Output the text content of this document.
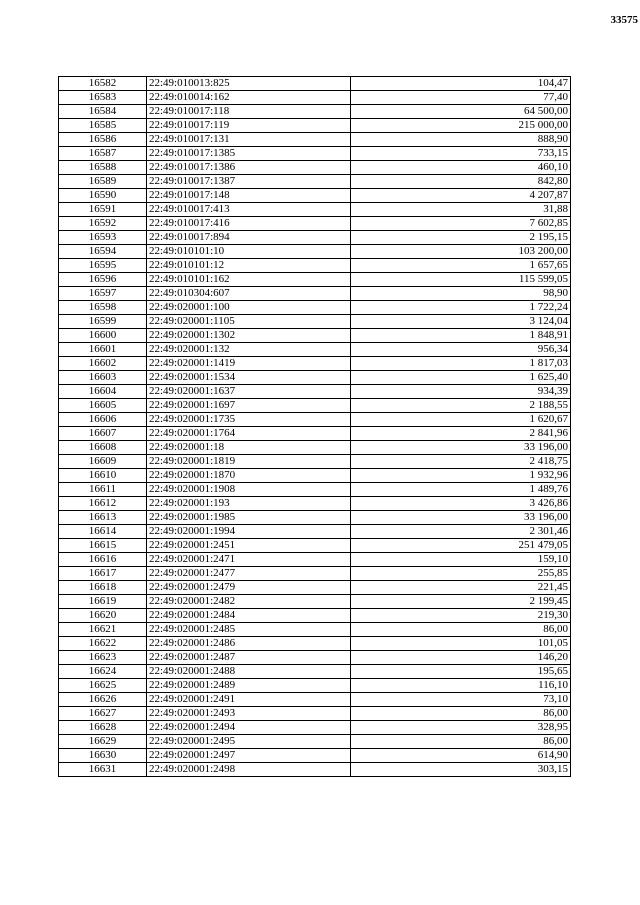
33575
16582	22:49:010013:825	104,47
16583	22:49:010014:162	77,40
16584	22:49:010017:118	64 500,00
16585	22:49:010017:119	215 000,00
16586	22:49:010017:131	888,90
16587	22:49:010017:1385	733,15
16588	22:49:010017:1386	460,10
16589	22:49:010017:1387	842,80
16590	22:49:010017:148	4 207,87
16591	22:49:010017:413	31,88
16592	22:49:010017:416	7 602,85
16593	22:49:010017:894	2 195,15
16594	22:49:010101:10	103 200,00
16595	22:49:010101:12	1 657,65
16596	22:49:010101:162	115 599,05
16597	22:49:010304:607	98,90
16598	22:49:020001:100	1 722,24
16599	22:49:020001:1105	3 124,04
16600	22:49:020001:1302	1 848,91
16601	22:49:020001:132	956,34
16602	22:49:020001:1419	1 817,03
16603	22:49:020001:1534	1 625,40
16604	22:49:020001:1637	934,39
16605	22:49:020001:1697	2 188,55
16606	22:49:020001:1735	1 620,67
16607	22:49:020001:1764	2 841,96
16608	22:49:020001:18	33 196,00
16609	22:49:020001:1819	2 418,75
16610	22:49:020001:1870	1 932,96
16611	22:49:020001:1908	1 489,76
16612	22:49:020001:193	3 426,86
16613	22:49:020001:1985	33 196,00
16614	22:49:020001:1994	2 301,46
16615	22:49:020001:2451	251 479,05
16616	22:49:020001:2471	159,10
16617	22:49:020001:2477	255,85
16618	22:49:020001:2479	221,45
16619	22:49:020001:2482	2 199,45
16620	22:49:020001:2484	219,30
16621	22:49:020001:2485	86,00
16622	22:49:020001:2486	101,05
16623	22:49:020001:2487	146,20
16624	22:49:020001:2488	195,65
16625	22:49:020001:2489	116,10
16626	22:49:020001:2491	73,10
16627	22:49:020001:2493	86,00
16628	22:49:020001:2494	328,95
16629	22:49:020001:2495	86,00
16630	22:49:020001:2497	614,90
16631	22:49:020001:2498	303,15
